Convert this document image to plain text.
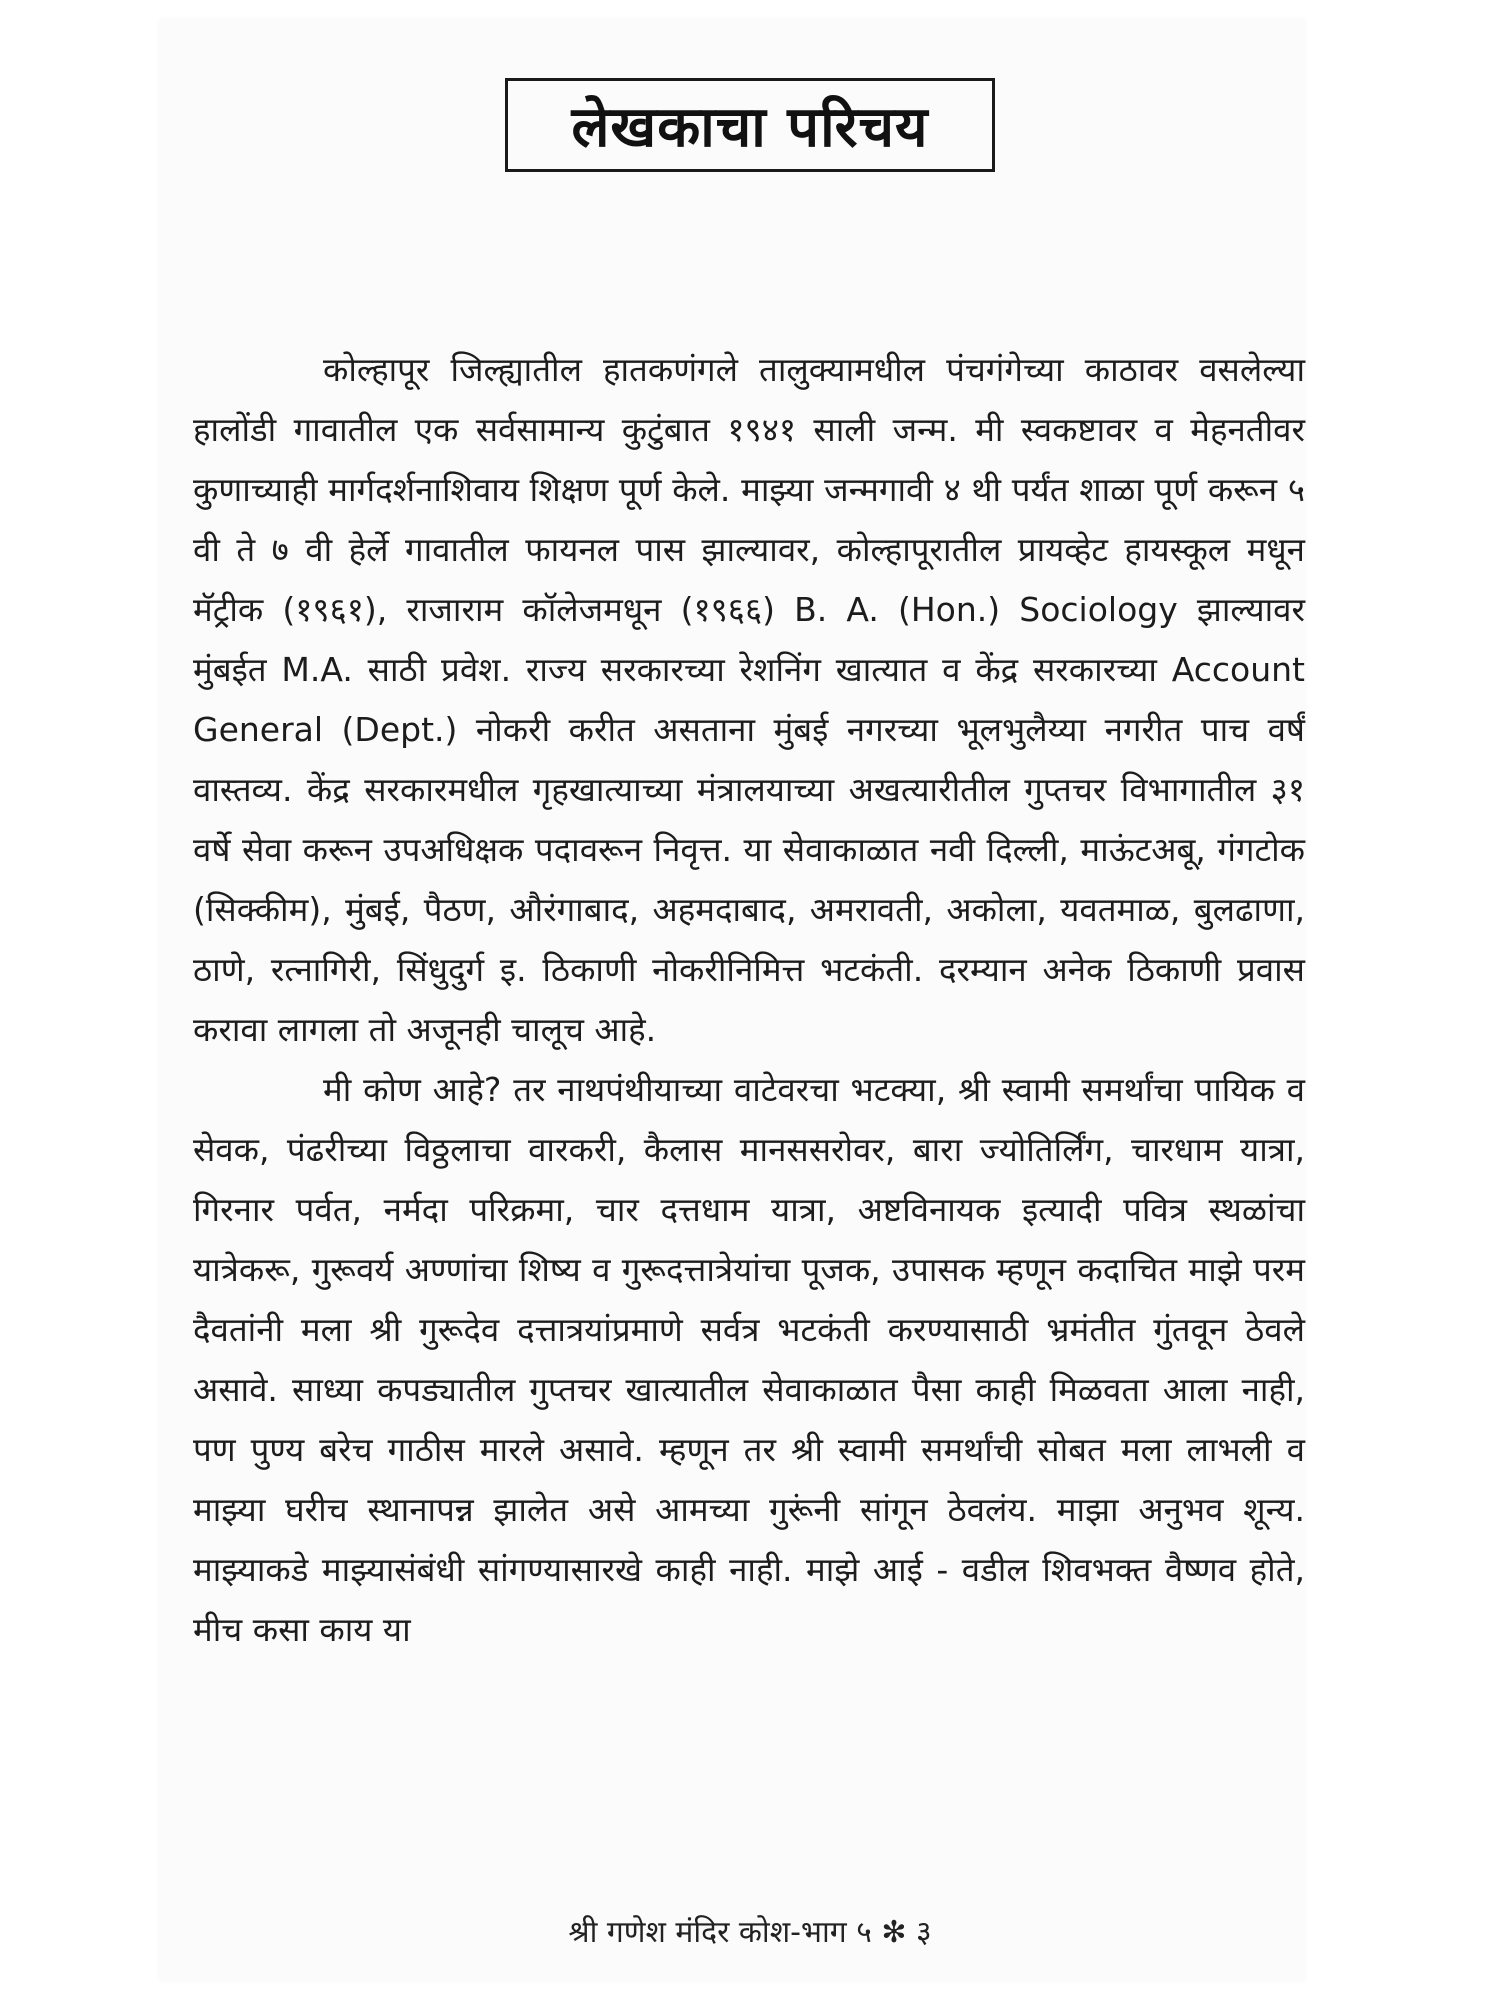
लेखकाचा परिचय

कोल्हापूर जिल्ह्यातील हातकणंगले तालुक्यामधील पंचगंगेच्या काठावर वसलेल्या हालोंडी गावातील एक सर्वसामान्य कुटुंबात १९४१ साली जन्म. मी स्वकष्टावर व मेहनतीवर कुणाच्याही मार्गदर्शनाशिवाय शिक्षण पूर्ण केले. माझ्या जन्मगावी ४ थी पर्यंत शाळा पूर्ण करून ५ वी ते ७ वी हेर्ले गावातील फायनल पास झाल्यावर, कोल्हापूरातील प्रायव्हेट हायस्कूल मधून मॅट्रीक (१९६१), राजाराम कॉलेजमधून (१९६६) B. A. (Hon.) Sociology झाल्यावर मुंबईत M.A. साठी प्रवेश. राज्य सरकारच्या रेशनिंग खात्यात व केंद्र सरकारच्या Account General (Dept.) नोकरी करीत असताना मुंबई नगरच्या भूलभुलैय्या नगरीत पाच वर्षं वास्तव्य. केंद्र सरकारमधील गृहखात्याच्या मंत्रालयाच्या अखत्यारीतील गुप्तचर विभागातील ३१ वर्षे सेवा करून उपअधिक्षक पदावरून निवृत्त. या सेवाकाळात नवी दिल्ली, माऊंटअबू, गंगटोक (सिक्कीम), मुंबई, पैठण, औरंगाबाद, अहमदाबाद, अमरावती, अकोला, यवतमाळ, बुलढाणा, ठाणे, रत्नागिरी, सिंधुदुर्ग इ. ठिकाणी नोकरीनिमित्त भटकंती. दरम्यान अनेक ठिकाणी प्रवास करावा लागला तो अजूनही चालूच आहे.

मी कोण आहे? तर नाथपंथीयाच्या वाटेवरचा भटक्या, श्री स्वामी समर्थांचा पायिक व सेवक, पंढरीच्या विठ्ठलाचा वारकरी, कैलास मानससरोवर, बारा ज्योतिर्लिंग, चारधाम यात्रा, गिरनार पर्वत, नर्मदा परिक्रमा, चार दत्तधाम यात्रा, अष्टविनायक इत्यादी पवित्र स्थळांचा यात्रेकरू, गुरूवर्य अण्णांचा शिष्य व गुरूदत्तात्रेयांचा पूजक, उपासक म्हणून कदाचित माझे परम दैवतांनी मला श्री गुरूदेव दत्तात्रयांप्रमाणे सर्वत्र भटकंती करण्यासाठी भ्रमंतीत गुंतवून ठेवले असावे. साध्या कपड्यातील गुप्तचर खात्यातील सेवाकाळात पैसा काही मिळवता आला नाही, पण पुण्य बरेच गाठीस मारले असावे. म्हणून तर श्री स्वामी समर्थांची सोबत मला लाभली व माझ्या घरीच स्थानापन्न झालेत असे आमच्या गुरूंनी सांगून ठेवलंय. माझा अनुभव शून्य. माझ्याकडे माझ्यासंबंधी सांगण्यासारखे काही नाही. माझे आई - वडील शिवभक्त वैष्णव होते, मीच कसा काय या

श्री गणेश मंदिर कोश-भाग ५ ✻ ३
